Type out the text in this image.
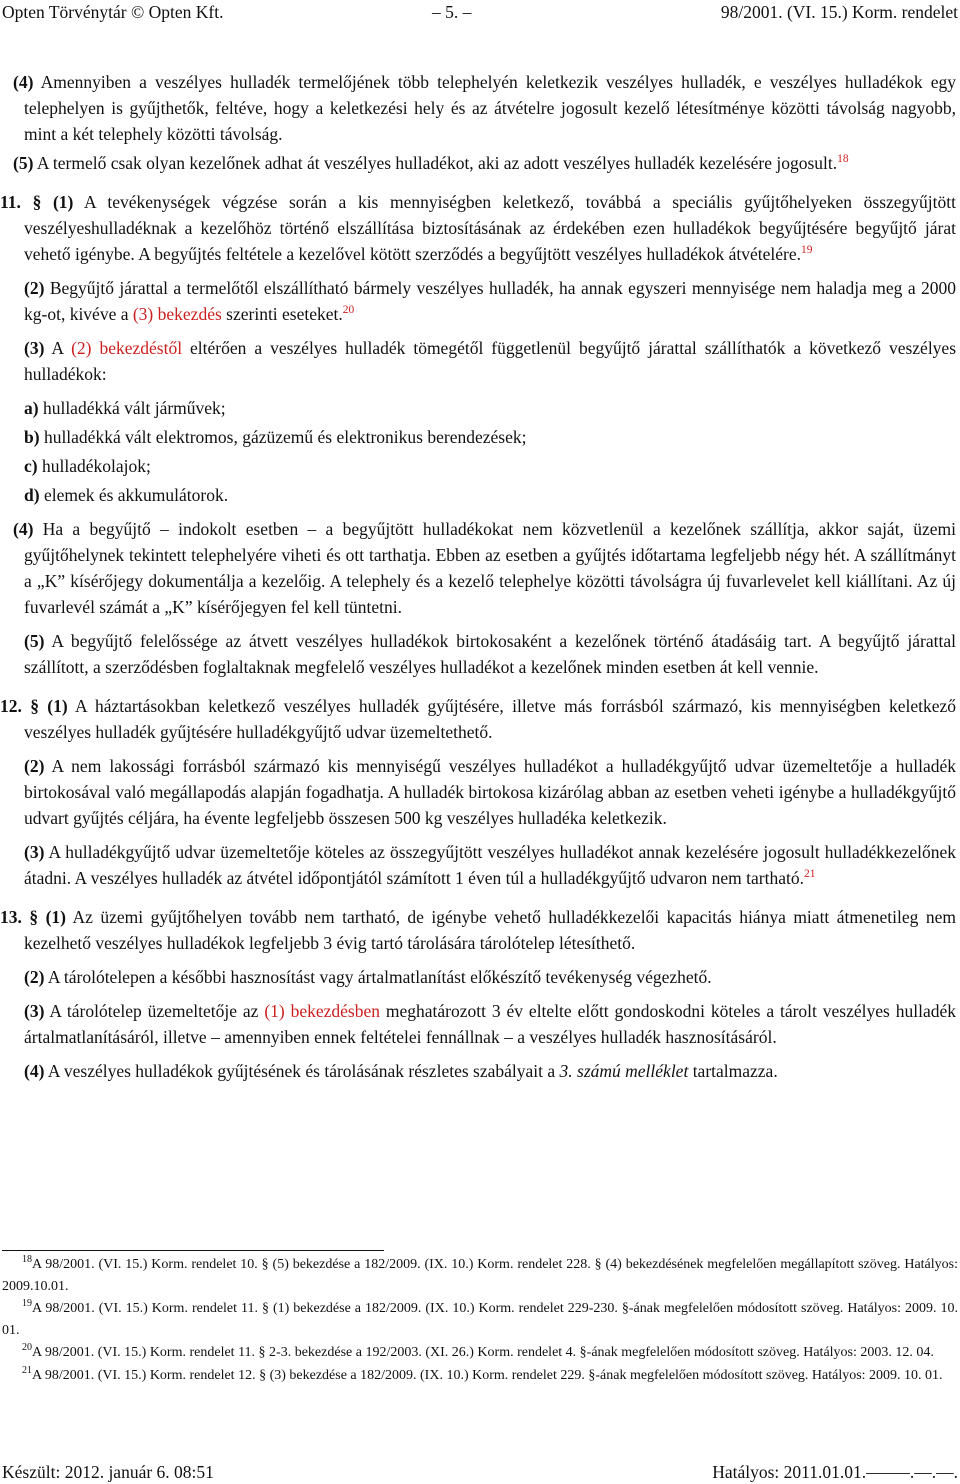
Opten Törvénytár © Opten Kft.	– 5. –	98/2001. (VI. 15.) Korm. rendelet

(4) Amennyiben a veszélyes hulladék termelőjének több telephelyén keletkezik veszélyes hulladék, e veszélyes hulladékok egy telephelyen is gyűjthetők, feltéve, hogy a keletkezési hely és az átvételre jogosult kezelő létesítménye közötti távolság nagyobb, mint a két telephely közötti távolság.

(5) A termelő csak olyan kezelőnek adhat át veszélyes hulladékot, aki az adott veszélyes hulladék kezelésére jogosult.$^{18}$

11. § (1) A tevékenységek végzése során a kis mennyiségben keletkező, továbbá a speciális gyűjtőhelyeken összegyűjtött veszélyeshulladéknak a kezelőhöz történő elszállítása biztosításának az érdekében ezen hulladékok begyűjtésére begyűjtő járat vehető igénybe. A begyűjtés feltétele a kezelővel kötött szerződés a begyűjtött veszélyes hulladékok átvételére.$^{19}$

(2) Begyűjtő járattal a termelőtől elszállítható bármely veszélyes hulladék, ha annak egyszeri mennyisége nem haladja meg a 2000 kg-ot, kivéve a (3) bekezdés szerinti eseteket.$^{20}$

(3) A (2) bekezdéstől eltérően a veszélyes hulladék tömegétől függetlenül begyűjtő járattal szállíthatók a következő veszélyes hulladékok:

a) hulladékká vált járművek;

b) hulladékká vált elektromos, gázüzemű és elektronikus berendezések;

c) hulladékolajok;

d) elemek és akkumulátorok.

(4) Ha a begyűjtő – indokolt esetben – a begyűjtött hulladékokat nem közvetlenül a kezelőnek szállítja, akkor saját, üzemi gyűjtőhelynek tekintett telephelyére viheti és ott tarthatja. Ebben az esetben a gyűjtés időtartama legfeljebb négy hét. A szállítmányt a „K” kísérőjegy dokumentálja a kezelőig. A telephely és a kezelő telephelye közötti távolságra új fuvarlevelet kell kiállítani. Az új fuvarlevél számát a „K” kísérőjegyen fel kell tüntetni.

(5) A begyűjtő felelőssége az átvett veszélyes hulladékok birtokosaként a kezelőnek történő átadásáig tart. A begyűjtő járattal szállított, a szerződésben foglaltaknak megfelelő veszélyes hulladékot a kezelőnek minden esetben át kell vennie.

12. § (1) A háztartásokban keletkező veszélyes hulladék gyűjtésére, illetve más forrásból származó, kis mennyiségben keletkező veszélyes hulladék gyűjtésére hulladékgyűjtő udvar üzemeltethető.

(2) A nem lakossági forrásból származó kis mennyiségű veszélyes hulladékot a hulladékgyűjtő udvar üzemeltetője a hulladék birtokosával való megállapodás alapján fogadhatja. A hulladék birtokosa kizárólag abban az esetben veheti igénybe a hulladékgyűjtő udvart gyűjtés céljára, ha évente legfeljebb összesen 500 kg veszélyes hulladéka keletkezik.

(3) A hulladékgyűjtő udvar üzemeltetője köteles az összegyűjtött veszélyes hulladékot annak kezelésére jogosult hulladékkezelőnek átadni. A veszélyes hulladék az átvétel időpontjától számított 1 éven túl a hulladékgyűjtő udvaron nem tartható.$^{21}$

13. § (1) Az üzemi gyűjtőhelyen tovább nem tartható, de igénybe vehető hulladékkezelői kapacitás hiánya miatt átmenetileg nem kezelhető veszélyes hulladékok legfeljebb 3 évig tartó tárolására tárolótelep létesíthető.

(2) A tárolótelepen a későbbi hasznosítást vagy ártalmatlanítást előkészítő tevékenység végezhető.

(3) A tárolótelep üzemeltetője az (1) bekezdésben meghatározott 3 év eltelte előtt gondoskodni köteles a tárolt veszélyes hulladék ártalmatlanításáról, illetve – amennyiben ennek feltételei fennállnak – a veszélyes hulladék hasznosításáról.

(4) A veszélyes hulladékok gyűjtésének és tárolásának részletes szabályait a 3. számú melléklet tartalmazza.

$^{18}$A 98/2001. (VI. 15.) Korm. rendelet 10. § (5) bekezdése a 182/2009. (IX. 10.) Korm. rendelet 228. § (4) bekezdésének megfelelően megállapított szöveg. Hatályos: 2009.10.01.

$^{19}$A 98/2001. (VI. 15.) Korm. rendelet 11. § (1) bekezdése a 182/2009. (IX. 10.) Korm. rendelet 229-230. §-ának megfelelően módosított szöveg. Hatályos: 2009. 10. 01.

$^{20}$A 98/2001. (VI. 15.) Korm. rendelet 11. § 2-3. bekezdése a 192/2003. (XI. 26.) Korm. rendelet 4. §-ának megfelelően módosított szöveg. Hatályos: 2003. 12. 04.

$^{21}$A 98/2001. (VI. 15.) Korm. rendelet 12. § (3) bekezdése a 182/2009. (IX. 10.) Korm. rendelet 229. §-ának megfelelően módosított szöveg. Hatályos: 2009. 10. 01.

Készült: 2012. január 6. 08:51	Hatályos: 2011.01.01.–––––.––.––.
